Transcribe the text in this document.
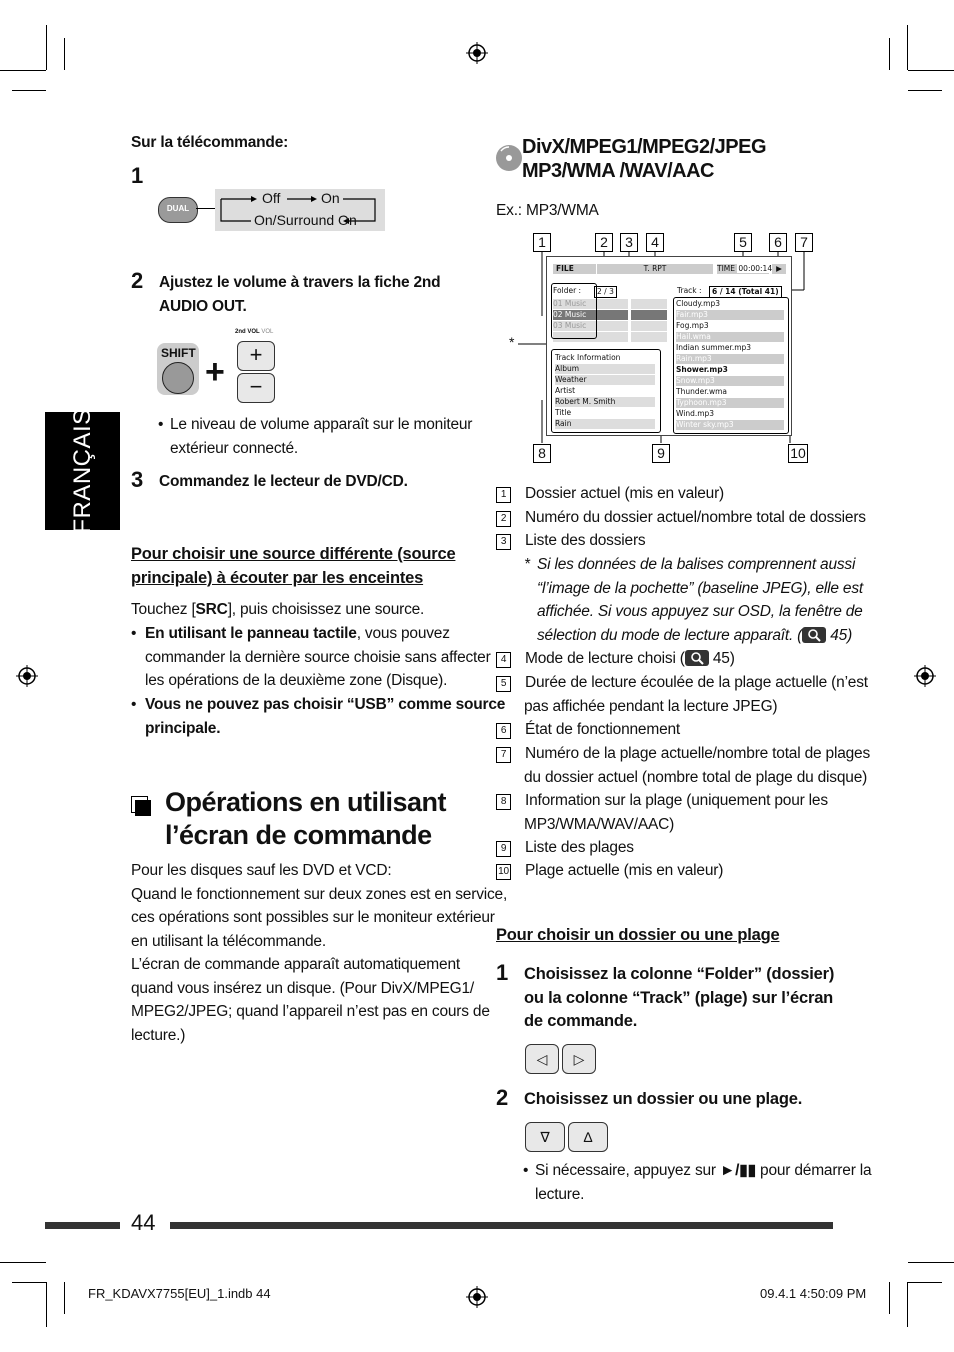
FRANÇAIS
Sur la télécommande:
1
DUAL
Off	On
On/Surround On
2 Ajustez le volume à travers la fiche 2nd
AUDIO OUT.
SHIFT +
2nd VOL VOL
+
−
• Le niveau de volume apparaît sur le moniteur
extérieur connecté.
3 Commandez le lecteur de DVD/CD.
Pour choisir une source différente (source
principale) à écouter par les enceintes
Touchez [SRC], puis choisissez une source.
• En utilisant le panneau tactile, vous pouvez
commander la dernière source choisie sans affecter
les opérations de la deuxième zone (Disque).
• Vous ne pouvez pas choisir “USB” comme source
principale.
Opérations en utilisant
l’écran de commande
Pour les disques sauf les DVD et VCD:
Quand le fonctionnement sur deux zones est en service,
ces opérations sont possibles sur le moniteur extérieur
en utilisant la télécommande.
L’écran de commande apparaît automatiquement
quand vous insérez un disque. (Pour DivX/MPEG1/
MPEG2/JPEG; quand l’appareil n’est pas en cours de
lecture.)
DivX/MPEG1/MPEG2/JPEG
MP3/WMA /WAV/AAC
Ex.: MP3/WMA
1	2	3	4	5	6	7
8	9	10
*
FILE	T. RPT	TIME 00:00:14 ▶
Folder :	2 / 3	Track :	6 / 14 (Total 41)
01 Music
02 Music
03 Music
Track Information
Album
Weather
Artist
Robert M. Smith
Title
Rain
Cloudy.mp3
Fair.mp3
Fog.mp3
Hail.wma
Indian summer.mp3
Rain.mp3
Shower.mp3
Snow.mp3
Thunder.wma
Typhoon.mp3
Wind.mp3
Winter sky.mp3
1 Dossier actuel (mis en valeur)
2 Numéro du dossier actuel/nombre total de dossiers
3 Liste des dossiers
* Si les données de la balises comprennent aussi
“l’image de la pochette” (baseline JPEG), elle est
affichée. Si vous appuyez sur OSD, la fenêtre de
sélection du mode de lecture apparaît. ( 45)
4 Mode de lecture choisi ( 45)
5 Durée de lecture écoulée de la plage actuelle (n’est
pas affichée pendant la lecture JPEG)
6 État de fonctionnement
7 Numéro de la plage actuelle/nombre total de plages
du dossier actuel (nombre total de plage du disque)
8 Information sur la plage (uniquement pour les
MP3/WMA/WAV/AAC)
9 Liste des plages
10 Plage actuelle (mis en valeur)
Pour choisir un dossier ou une plage
1 Choisissez la colonne “Folder” (dossier)
ou la colonne “Track” (plage) sur l’écran
de commande.
◁	▷
2 Choisissez un dossier ou une plage.
∇	∆
• Si nécessaire, appuyez sur ►/▮▮ pour démarrer la
lecture.
44
FR_KDAVX7755[EU]_1.indb 44	09.4.1 4:50:09 PM
